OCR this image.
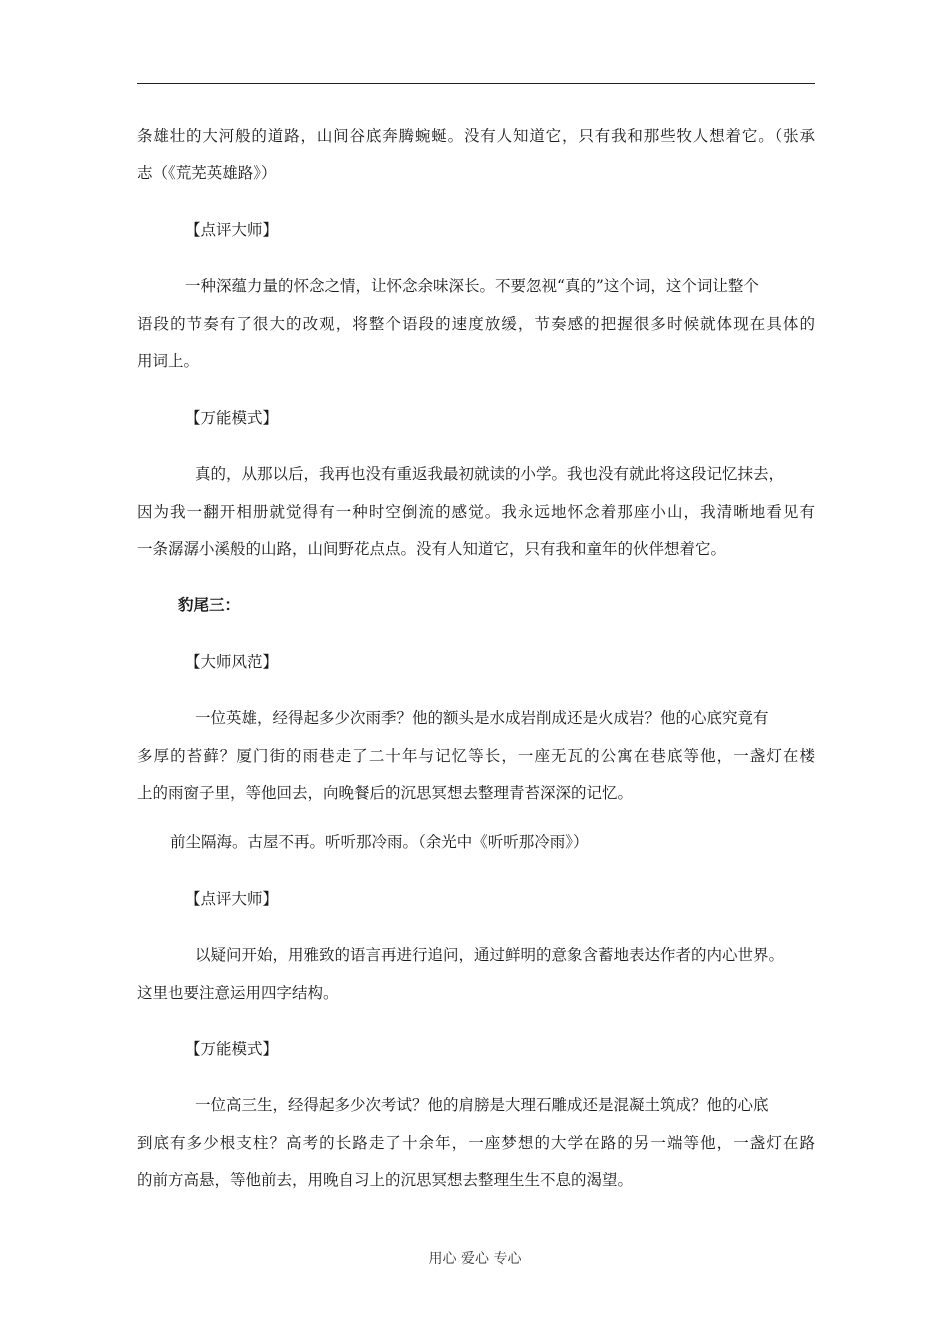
条雄壮的大河般的道路，山间谷底奔腾蜿蜒。没有人知道它，只有我和那些牧人想着它。（张承
志（《荒芜英雄路》）
【点评大师】
一种深蕴力量的怀念之情，让怀念余味深长。不要忽视“真的”这个词，这个词让整个
语段的节奏有了很大的改观，将整个语段的速度放缓，节奏感的把握很多时候就体现在具体的
用词上。
【万能模式】
真的，从那以后，我再也没有重返我最初就读的小学。我也没有就此将这段记忆抹去，
因为我一翻开相册就觉得有一种时空倒流的感觉。我永远地怀念着那座小山，我清晰地看见有
一条潺潺小溪般的山路，山间野花点点。没有人知道它，只有我和童年的伙伴想着它。
豹尾三：
【大师风范】
一位英雄，经得起多少次雨季？他的额头是水成岩削成还是火成岩？他的心底究竟有
多厚的苔藓？厦门街的雨巷走了二十年与记忆等长，一座无瓦的公寓在巷底等他，一盏灯在楼
上的雨窗子里，等他回去，向晚餐后的沉思冥想去整理青苔深深的记忆。
前尘隔海。古屋不再。听听那冷雨。（余光中《听听那冷雨》）
【点评大师】
以疑问开始，用雅致的语言再进行追问，通过鲜明的意象含蓄地表达作者的内心世界。
这里也要注意运用四字结构。
【万能模式】
一位高三生，经得起多少次考试？他的肩膀是大理石雕成还是混凝土筑成？他的心底
到底有多少根支柱？高考的长路走了十余年，一座梦想的大学在路的另一端等他，一盏灯在路
的前方高悬，等他前去，用晚自习上的沉思冥想去整理生生不息的渴望。
用心 爱心 专心
